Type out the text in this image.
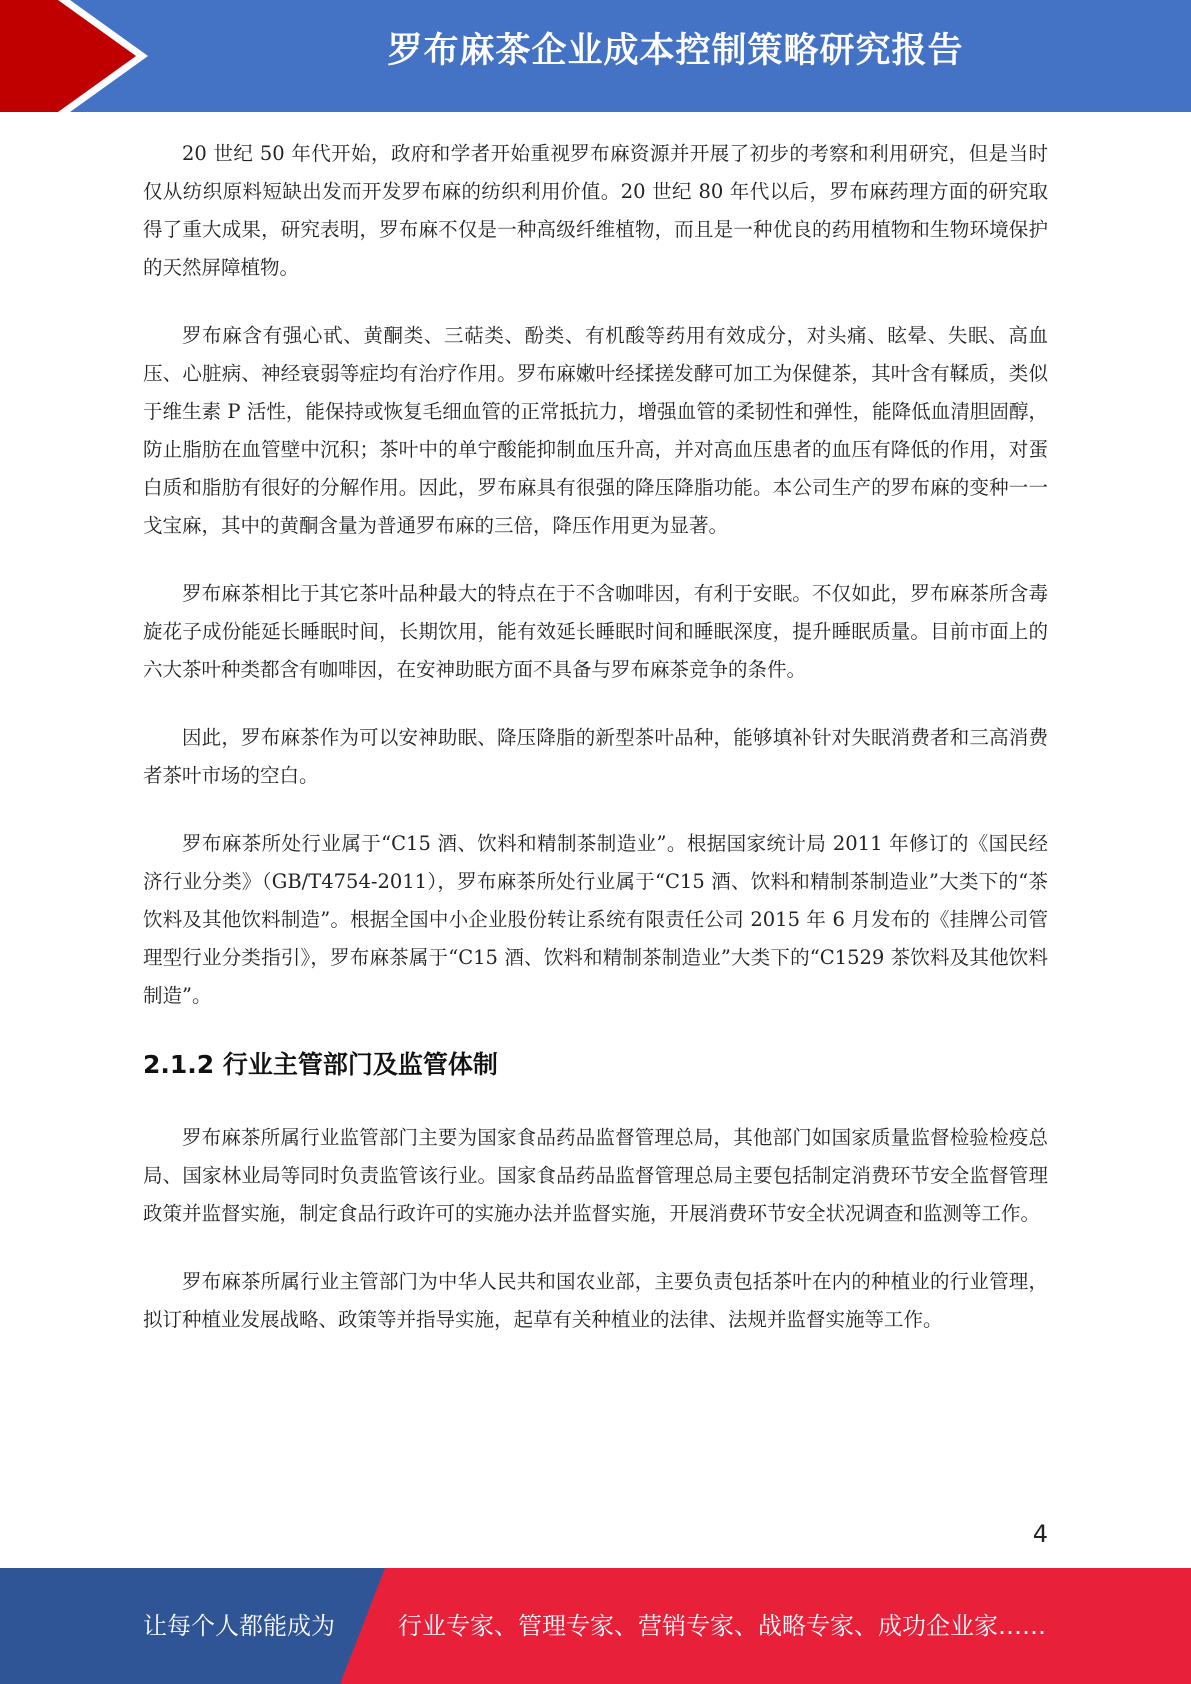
罗布麻茶企业成本控制策略研究报告

20 世纪 50 年代开始，政府和学者开始重视罗布麻资源并开展了初步的考察和利用研究，但是当时仅从纺织原料短缺出发而开发罗布麻的纺织利用价值。20 世纪 80 年代以后，罗布麻药理方面的研究取得了重大成果，研究表明，罗布麻不仅是一种高级纤维植物，而且是一种优良的药用植物和生物环境保护的天然屏障植物。

罗布麻含有强心甙、黄酮类、三萜类、酚类、有机酸等药用有效成分，对头痛、眩晕、失眠、高血压、心脏病、神经衰弱等症均有治疗作用。罗布麻嫩叶经揉搓发酵可加工为保健茶，其叶含有鞣质，类似于维生素 P 活性，能保持或恢复毛细血管的正常抵抗力，增强血管的柔韧性和弹性，能降低血清胆固醇，防止脂肪在血管壁中沉积；茶叶中的单宁酸能抑制血压升高，并对高血压患者的血压有降低的作用，对蛋白质和脂肪有很好的分解作用。因此，罗布麻具有很强的降压降脂功能。本公司生产的罗布麻的变种一一戈宝麻，其中的黄酮含量为普通罗布麻的三倍，降压作用更为显著。

罗布麻茶相比于其它茶叶品种最大的特点在于不含咖啡因，有利于安眠。不仅如此，罗布麻茶所含毒旋花子成份能延长睡眠时间，长期饮用，能有效延长睡眠时间和睡眠深度，提升睡眠质量。目前市面上的六大茶叶种类都含有咖啡因，在安神助眠方面不具备与罗布麻茶竞争的条件。

因此，罗布麻茶作为可以安神助眠、降压降脂的新型茶叶品种，能够填补针对失眠消费者和三高消费者茶叶市场的空白。

罗布麻茶所处行业属于“C15 酒、饮料和精制茶制造业”。根据国家统计局 2011 年修订的《国民经济行业分类》（GB/T4754-2011），罗布麻茶所处行业属于“C15 酒、饮料和精制茶制造业”大类下的“茶饮料及其他饮料制造”。根据全国中小企业股份转让系统有限责任公司 2015 年 6 月发布的《挂牌公司管理型行业分类指引》，罗布麻茶属于“C15 酒、饮料和精制茶制造业”大类下的“C1529 茶饮料及其他饮料制造”。

2.1.2 行业主管部门及监管体制

罗布麻茶所属行业监管部门主要为国家食品药品监督管理总局，其他部门如国家质量监督检验检疫总局、国家林业局等同时负责监管该行业。国家食品药品监督管理总局主要包括制定消费环节安全监督管理政策并监督实施，制定食品行政许可的实施办法并监督实施，开展消费环节安全状况调查和监测等工作。

罗布麻茶所属行业主管部门为中华人民共和国农业部，主要负责包括茶叶在内的种植业的行业管理，拟订种植业发展战略、政策等并指导实施，起草有关种植业的法律、法规并监督实施等工作。

4
让每个人都能成为	行业专家、管理专家、营销专家、战略专家、成功企业家……
